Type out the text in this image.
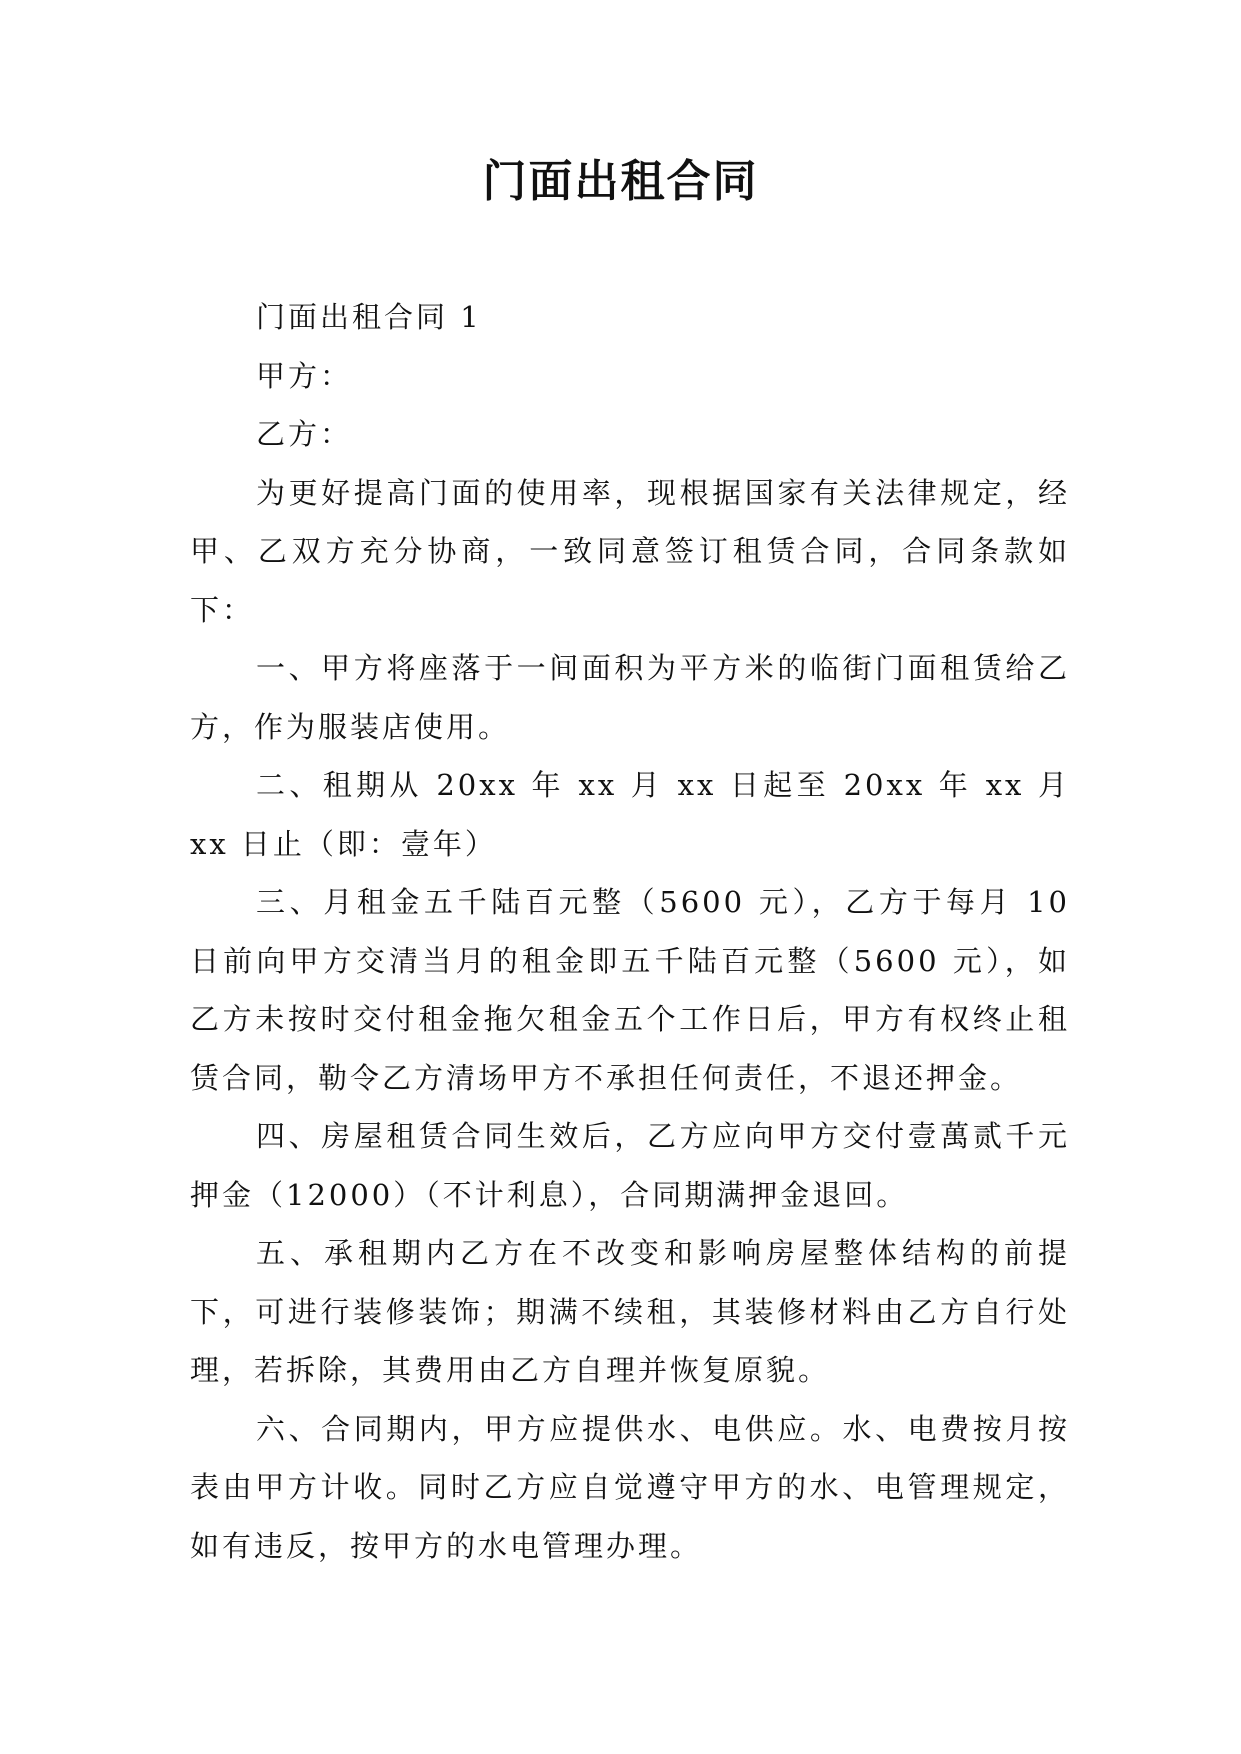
门面出租合同

门面出租合同 1

甲方：

乙方：

为更好提高门面的使用率，现根据国家有关法律规定，经甲、乙双方充分协商，一致同意签订租赁合同，合同条款如下：

一、甲方将座落于一间面积为平方米的临街门面租赁给乙方，作为服装店使用。

二、租期从 20xx 年 xx 月 xx 日起至 20xx 年 xx 月 xx 日止（即：壹年）

三、月租金五千陆百元整（5600 元），乙方于每月 10 日前向甲方交清当月的租金即五千陆百元整（5600 元），如乙方未按时交付租金拖欠租金五个工作日后，甲方有权终止租赁合同，勒令乙方清场甲方不承担任何责任，不退还押金。

四、房屋租赁合同生效后，乙方应向甲方交付壹萬贰千元押金（12000）（不计利息），合同期满押金退回。

五、承租期内乙方在不改变和影响房屋整体结构的前提下，可进行装修装饰；期满不续租，其装修材料由乙方自行处理，若拆除，其费用由乙方自理并恢复原貌。

六、合同期内，甲方应提供水、电供应。水、电费按月按表由甲方计收。同时乙方应自觉遵守甲方的水、电管理规定，如有违反，按甲方的水电管理办理。
